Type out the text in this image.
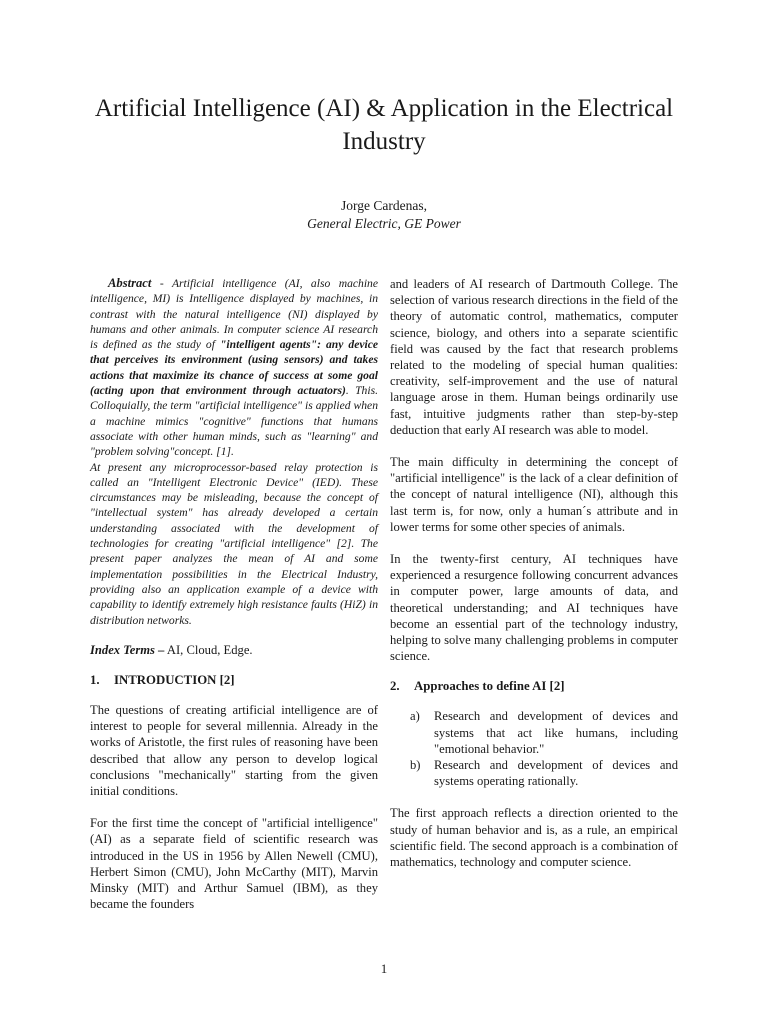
Artificial Intelligence (AI) & Application in the Electrical Industry
Jorge Cardenas,
General Electric, GE Power

Abstract - Artificial intelligence (AI, also machine intelligence, MI) is Intelligence displayed by machines, in contrast with the natural intelligence (NI) displayed by humans and other animals. In computer science AI research is defined as the study of "intelligent agents": any device that perceives its environment (using sensors) and takes actions that maximize its chance of success at some goal (acting upon that environment through actuators). This. Colloquially, the term "artificial intelligence" is applied when a machine mimics "cognitive" functions that humans associate with other human minds, such as "learning" and "problem solving"concept. [1].

At present any microprocessor-based relay protection is called an "Intelligent Electronic Device" (IED). These circumstances may be misleading, because the concept of "intellectual system" has already developed a certain understanding associated with the development of technologies for creating "artificial intelligence" [2]. The present paper analyzes the mean of AI and some implementation possibilities in the Electrical Industry, providing also an application example of a device with capability to identify extremely high resistance faults (HiZ) in distribution networks.

Index Terms – AI, Cloud, Edge.

1. INTRODUCTION [2]

The questions of creating artificial intelligence are of interest to people for several millennia. Already in the works of Aristotle, the first rules of reasoning have been described that allow any person to develop logical conclusions "mechanically" starting from the given initial conditions.

For the first time the concept of "artificial intelligence" (AI) as a separate field of scientific research was introduced in the US in 1956 by Allen Newell (CMU), Herbert Simon (CMU), John McCarthy (MIT), Marvin Minsky (MIT) and Arthur Samuel (IBM), as they became the founders

and leaders of AI research of Dartmouth College. The selection of various research directions in the field of the theory of automatic control, mathematics, computer science, biology, and others into a separate scientific field was caused by the fact that research problems related to the modeling of special human qualities: creativity, self-improvement and the use of natural language arose in them. Human beings ordinarily use fast, intuitive judgments rather than step-by-step deduction that early AI research was able to model.

The main difficulty in determining the concept of "artificial intelligence" is the lack of a clear definition of the concept of natural intelligence (NI), although this last term is, for now, only a human´s attribute and in lower terms for some other species of animals.

In the twenty-first century, AI techniques have experienced a resurgence following concurrent advances in computer power, large amounts of data, and theoretical understanding; and AI techniques have become an essential part of the technology industry, helping to solve many challenging problems in computer science.

2. Approaches to define AI [2]
a)	Research and development of devices and systems that act like humans, including "emotional behavior."
b)	Research and development of devices and systems operating rationally.

The first approach reflects a direction oriented to the study of human behavior and is, as a rule, an empirical scientific field. The second approach is a combination of mathematics, technology and computer science.

1
